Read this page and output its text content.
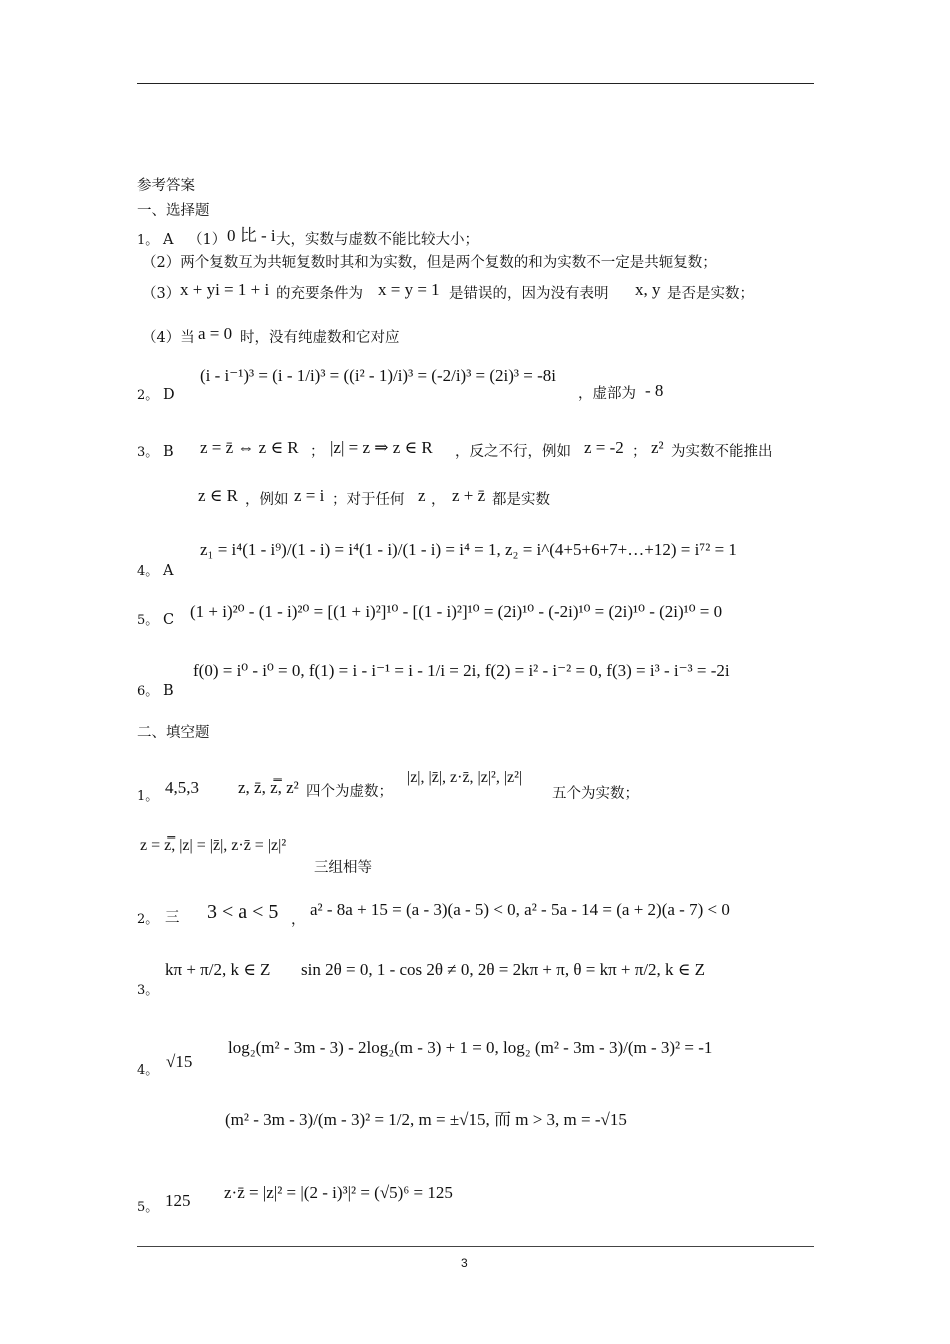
参考答案
一、选择题
1。 A （1） 0 比 - i 大，实数与虚数不能比较大小；
（2）两个复数互为共轭复数时其和为实数，但是两个复数的和为实数不一定是共轭复数；
（3） x + yi = 1 + i 的充要条件为 x = y = 1 是错误的，因为没有表明 x, y 是否是实数；
（4）当 a = 0 时，没有纯虚数和它对应
2。 D
(i - i⁻¹)³ = (i - 1/i)³ = ((i² - 1)/i)³ = (-2/i)³ = (2i)³ = -8i
，虚部为 - 8
3。 B z = z̄ ⇔ z ∈ R ； |z| = z ⇒ z ∈ R ，反之不行，例如 z = -2 ； z² 为实数不能推出
z ∈ R ，例如 z = i ；对于任何 z ， z + z̄ 都是实数
4。 A
z₁ = i⁴(1 - i⁹)/(1 - i) = i⁴(1 - i)/(1 - i) = i⁴ = 1, z₂ = i^(4+5+6+7+…+12) = i⁷² = 1
5。 C (1 + i)²⁰ - (1 - i)²⁰ = [(1 + i)²]¹⁰ - [(1 - i)²]¹⁰ = (2i)¹⁰ - (-2i)¹⁰ = (2i)¹⁰ - (2i)¹⁰ = 0
6。 B
f(0) = i⁰ - i⁰ = 0, f(1) = i - i⁻¹ = i - 1/i = 2i, f(2) = i² - i⁻² = 0, f(3) = i³ - i⁻³ = -2i
二、填空题
1。 4,5,3 z, z̄, z̿, z² 四个为虚数；
|z|, |z̄|, z·z̄, |z|², |z²|
五个为实数；
z = z̿, |z| = |z̄|, z·z̄ = |z|²
三组相等
2。 三 3 < a < 5 ，
a² - 8a + 15 = (a - 3)(a - 5) < 0, a² - 5a - 14 = (a + 2)(a - 7) < 0
3。
kπ + π/2, k ∈ Z sin 2θ = 0, 1 - cos 2θ ≠ 0, 2θ = 2kπ + π, θ = kπ + π/2, k ∈ Z
4。 √15
log₂(m² - 3m - 3) - 2log₂(m - 3) + 1 = 0, log₂ (m² - 3m - 3)/(m - 3)² = -1
(m² - 3m - 3)/(m - 3)² = 1/2, m = ±√15, 而 m > 3, m = -√15
5。 125 z·z̄ = |z|² = |(2 - i)³|² = (√5)⁶ = 125
3
